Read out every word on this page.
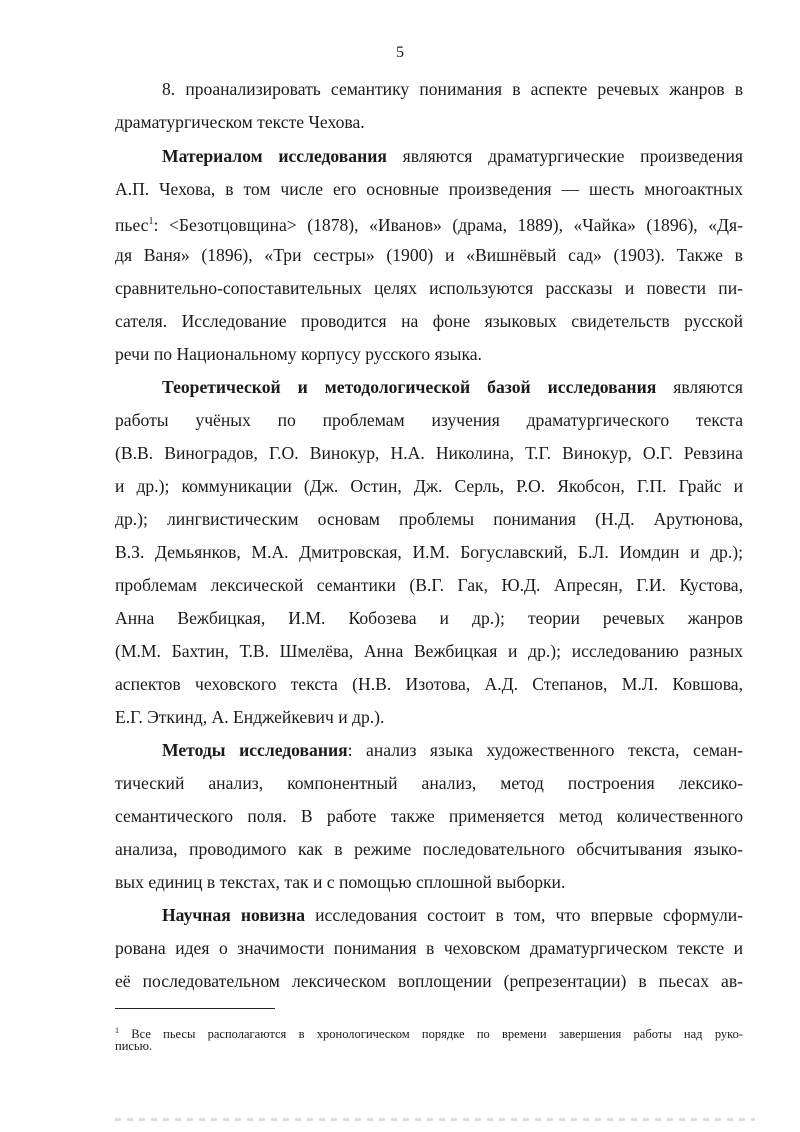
5
8. проанализировать семантику понимания в аспекте речевых жанров в
драматургическом тексте Чехова.
Материалом исследования являются драматургические произведения
А.П. Чехова, в том числе его основные произведения — шесть многоактных
пьес$^1$: <Безотцовщина> (1878), «Иванов» (драма, 1889), «Чайка» (1896), «Дя-
дя Ваня» (1896), «Три сестры» (1900) и «Вишнёвый сад» (1903). Также в
сравнительно-сопоставительных целях используются рассказы и повести пи-
сателя. Исследование проводится на фоне языковых свидетельств русской
речи по Национальному корпусу русского языка.
Теоретической и методологической базой исследования являются
работы учёных по проблемам изучения драматургического текста
(В.В. Виноградов, Г.О. Винокур, Н.А. Николина, Т.Г. Винокур, О.Г. Ревзина
и др.); коммуникации (Дж. Остин, Дж. Серль, Р.О. Якобсон, Г.П. Грайс и
др.); лингвистическим основам проблемы понимания (Н.Д. Арутюнова,
В.З. Демьянков, М.А. Дмитровская, И.М. Богуславский, Б.Л. Иомдин и др.);
проблемам лексической семантики (В.Г. Гак, Ю.Д. Апресян, Г.И. Кустова,
Анна Вежбицкая, И.М. Кобозева и др.); теории речевых жанров
(М.М. Бахтин, Т.В. Шмелёва, Анна Вежбицкая и др.); исследованию разных
аспектов чеховского текста (Н.В. Изотова, А.Д. Степанов, М.Л. Ковшова,
Е.Г. Эткинд, А. Енджейкевич и др.).
Методы исследования: анализ языка художественного текста, семан-
тический анализ, компонентный анализ, метод построения лексико-
семантического поля. В работе также применяется метод количественного
анализа, проводимого как в режиме последовательного обсчитывания языко-
вых единиц в текстах, так и с помощью сплошной выборки.
Научная новизна исследования состоит в том, что впервые сформули-
рована идея о значимости понимания в чеховском драматургическом тексте и
её последовательном лексическом воплощении (репрезентации) в пьесах ав-
$^1$ Все пьесы располагаются в хронологическом порядке по времени завершения работы над руко-
писью.
